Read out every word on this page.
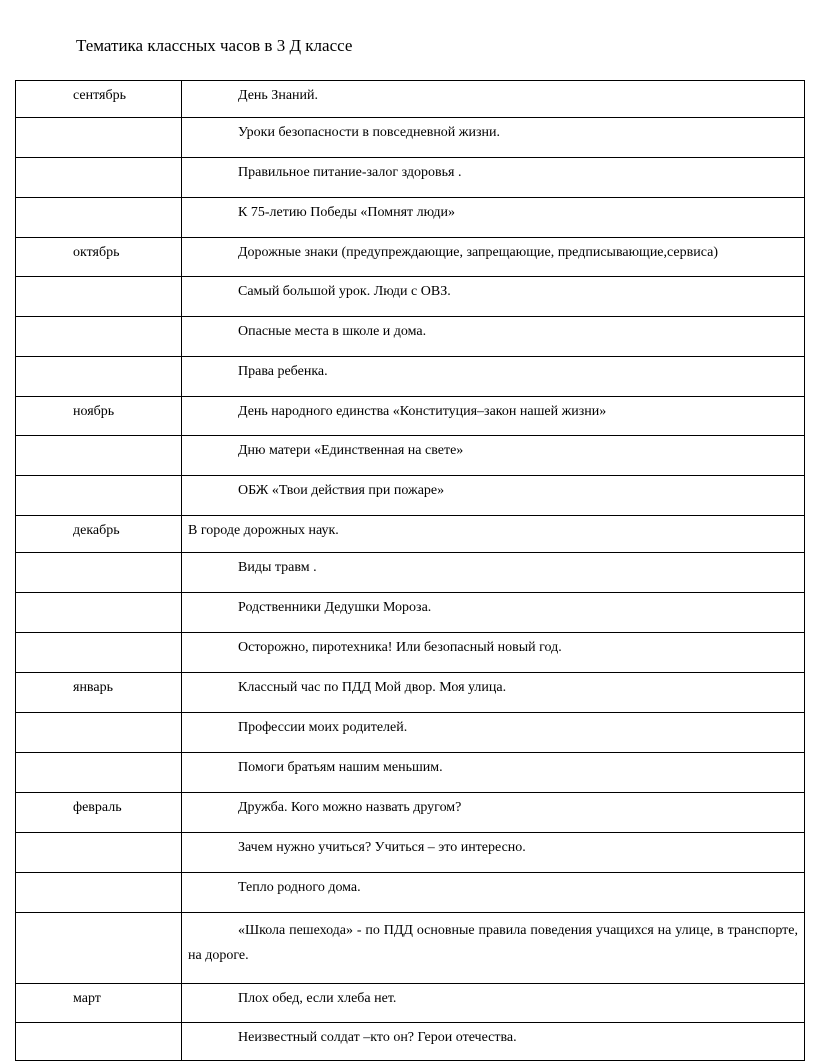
Тематика классных часов в 3 Д классе
сентябрь	День Знаний.

	Уроки безопасности в повседневной жизни.

	Правильное питание-залог здоровья .

	К 75-летию Победы «Помнят люди»

октябрь	Дорожные знаки (предупреждающие, запрещающие, предписывающие,сервиса)

	Самый большой урок. Люди с ОВЗ.

	Опасные места в школе и дома.

	Права ребенка.

ноябрь	День народного единства «Конституция–закон нашей жизни»

	Дню матери «Единственная на свете»

	ОБЖ «Твои действия при пожаре»

декабрь	В городе дорожных наук.

	Виды травм .

	Родственники Дедушки Мороза.

	Осторожно, пиротехника! Или безопасный новый год.

январь	Классный час по ПДД Мой двор. Моя улица.

	Профессии моих родителей.

	Помоги братьям нашим меньшим.

февраль	Дружба. Кого можно назвать другом?

	Зачем нужно учиться? Учиться – это интересно.

	Тепло родного дома.

	«Школа пешехода» - по ПДД основные правила поведения учащихся на улице, в транспорте, на дороге.

март	Плох обед, если хлеба нет.

	Неизвестный солдат –кто он? Герои отечества.
